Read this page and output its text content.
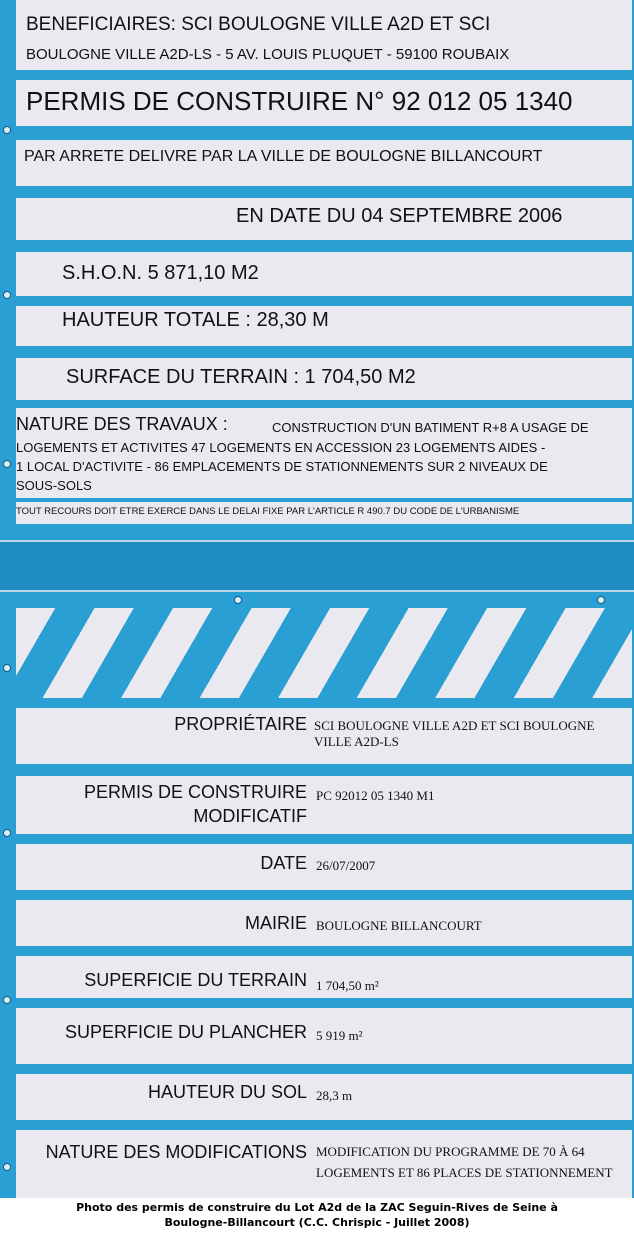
BENEFICIAIRES: SCI BOULOGNE VILLE A2D ET SCI
BOULOGNE VILLE A2D-LS - 5 AV. LOUIS PLUQUET - 59100 ROUBAIX
PERMIS DE CONSTRUIRE N° 92 012 05 1340
PAR ARRETE DELIVRE PAR LA VILLE DE BOULOGNE BILLANCOURT
EN DATE DU 04 SEPTEMBRE 2006
S.H.O.N. 5 871,10 M2
HAUTEUR TOTALE : 28,30 M
SURFACE DU TERRAIN : 1 704,50 M2
NATURE DES TRAVAUX :	CONSTRUCTION D'UN BATIMENT R+8 A USAGE DE
LOGEMENTS ET ACTIVITES 47 LOGEMENTS EN ACCESSION 23 LOGEMENTS AIDES -
1 LOCAL D'ACTIVITE - 86 EMPLACEMENTS DE STATIONNEMENTS SUR 2 NIVEAUX DE
SOUS-SOLS
TOUT RECOURS DOIT ETRE EXERCE DANS LE DELAI FIXE PAR L'ARTICLE R 490.7 DU CODE DE L'URBANISME
PROPRIÉTAIRE SCI BOULOGNE VILLE A2D ET SCI BOULOGNE
VILLE A2D-LS
PERMIS DE CONSTRUIRE
MODIFICATIF
PC 92012 05 1340 M1
DATE 26/07/2007
MAIRIE BOULOGNE BILLANCOURT
SUPERFICIE DU TERRAIN 1 704,50 m²
SUPERFICIE DU PLANCHER 5 919 m²
HAUTEUR DU SOL 28,3 m
NATURE DES MODIFICATIONS MODIFICATION DU PROGRAMME DE 70 À 64
LOGEMENTS ET 86 PLACES DE STATIONNEMENT
Photo des permis de construire du Lot A2d de la ZAC Seguin-Rives de Seine à
Boulogne-Billancourt (C.C. Chrispic - Juillet 2008)
